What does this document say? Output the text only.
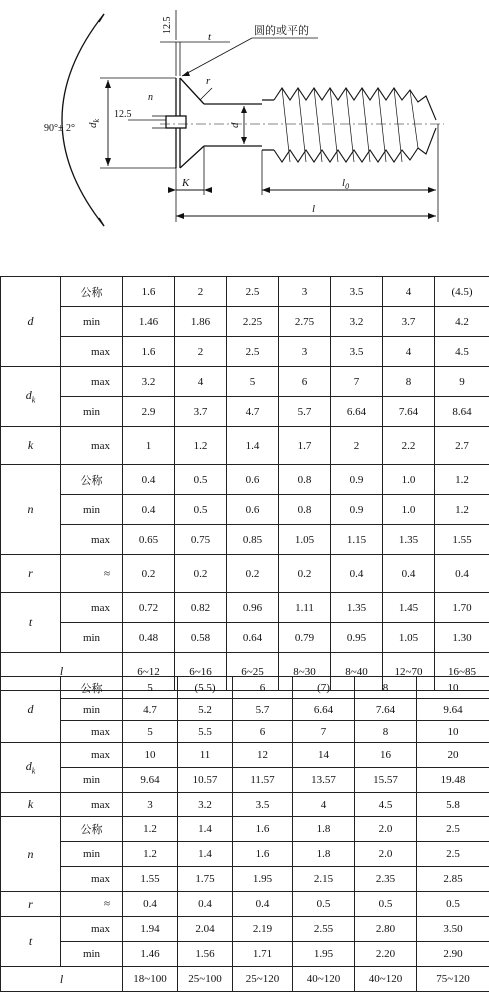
圆的或平的
12.5
t
r
n
12.5
90°± 2° $d_k$
d
K	$l_0$
l
d	公称	1.6	2	2.5	3	3.5	4	(4.5)
	min	1.46	1.86	2.25	2.75	3.2	3.7	4.2
	max	1.6	2	2.5	3	3.5	4	4.5
$d_k$	max	3.2	4	5	6	7	8	9
	min	2.9	3.7	4.7	5.7	6.64	7.64	8.64
k	max	1	1.2	1.4	1.7	2	2.2	2.7
n	公称	0.4	0.5	0.6	0.8	0.9	1.0	1.2
	min	0.4	0.5	0.6	0.8	0.9	1.0	1.2
	max	0.65	0.75	0.85	1.05	1.15	1.35	1.55
r	≈	0.2	0.2	0.2	0.2	0.4	0.4	0.4
t	max	0.72	0.82	0.96	1.11	1.35	1.45	1.70
	min	0.48	0.58	0.64	0.79	0.95	1.05	1.30
l		6~12	6~16	6~25	8~30	8~40	12~70	16~85
d	公称	5	(5.5)	6	(7)	8	10
	min	4.7	5.2	5.7	6.64	7.64	9.64
	max	5	5.5	6	7	8	10
$d_k$	max	10	11	12	14	16	20
	min	9.64	10.57	11.57	13.57	15.57	19.48
k	max	3	3.2	3.5	4	4.5	5.8
n	公称	1.2	1.4	1.6	1.8	2.0	2.5
	min	1.2	1.4	1.6	1.8	2.0	2.5
	max	1.55	1.75	1.95	2.15	2.35	2.85
r	≈	0.4	0.4	0.4	0.5	0.5	0.5
t	max	1.94	2.04	2.19	2.55	2.80	3.50
	min	1.46	1.56	1.71	1.95	2.20	2.90
l		18~100	25~100	25~120	40~120	40~120	75~120
